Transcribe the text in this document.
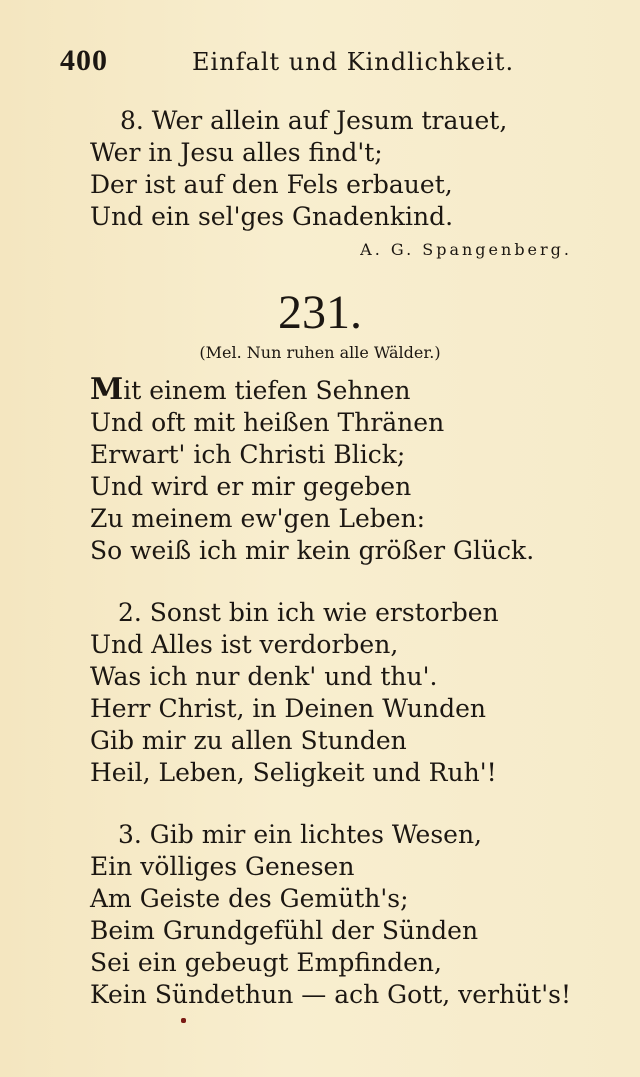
400	Einfalt und Kindlichkeit.
8. Wer allein auf Jesum trauet,
Wer in Jesu alles find't;
Der ist auf den Fels erbauet,
Und ein sel'ges Gnadenkind.
A. G. Spangenberg.
231.
(Mel. Nun ruhen alle Wälder.)
Mit einem tiefen Sehnen
Und oft mit heißen Thränen
Erwart' ich Christi Blick;
Und wird er mir gegeben
Zu meinem ew'gen Leben:
So weiß ich mir kein größer Glück.
2. Sonst bin ich wie erstorben
Und Alles ist verdorben,
Was ich nur denk' und thu'.
Herr Christ, in Deinen Wunden
Gib mir zu allen Stunden
Heil, Leben, Seligkeit und Ruh'!
3. Gib mir ein lichtes Wesen,
Ein völliges Genesen
Am Geiste des Gemüth's;
Beim Grundgefühl der Sünden
Sei ein gebeugt Empfinden,
Kein Sündethun — ach Gott, verhüt's!
